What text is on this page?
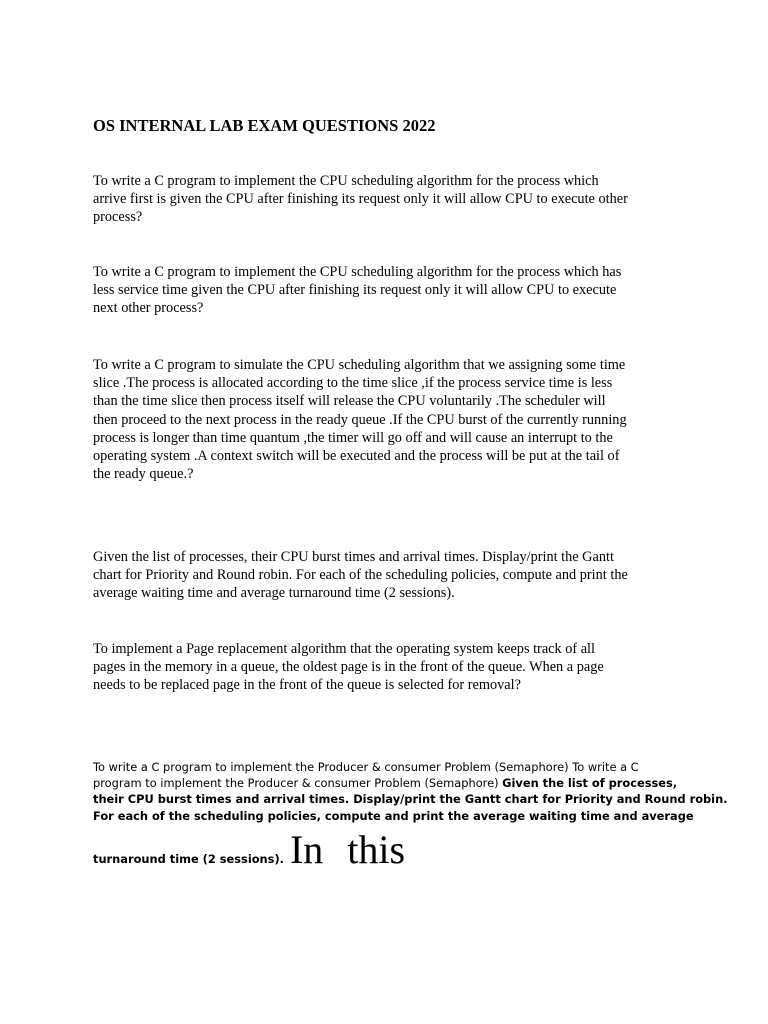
OS INTERNAL LAB EXAM QUESTIONS 2022
To write a C program to implement the CPU scheduling algorithm for the process which
arrive first is given the CPU after finishing its request only it will allow CPU to execute other
process?
To write a C program to implement the CPU scheduling algorithm for the process which has
less service time given the CPU after finishing its request only it will allow CPU to execute
next other process?
To write a C program to simulate the CPU scheduling algorithm that we assigning some time
slice .The process is allocated according to the time slice ,if the process service time is less
than the time slice then process itself will release the CPU voluntarily .The scheduler will
then proceed to the next process in the ready queue .If the CPU burst of the currently running
process is longer than time quantum ,the timer will go off and will cause an interrupt to the
operating system .A context switch will be executed and the process will be put at the tail of
the ready queue.?
Given the list of processes, their CPU burst times and arrival times. Display/print the Gantt
chart for Priority and Round robin. For each of the scheduling policies, compute and print the
average waiting time and average turnaround time (2 sessions).
To implement a Page replacement algorithm that the operating system keeps track of all
pages in the memory in a queue, the oldest page is in the front of the queue. When a page
needs to be replaced page in the front of the queue is selected for removal?
To write a C program to implement the Producer & consumer Problem (Semaphore) To write a C
program to implement the Producer & consumer Problem (Semaphore) Given the list of processes,
their CPU burst times and arrival times. Display/print the Gantt chart for Priority and Round robin.
For each of the scheduling policies, compute and print the average waiting time and average
turnaround time (2 sessions). In this
